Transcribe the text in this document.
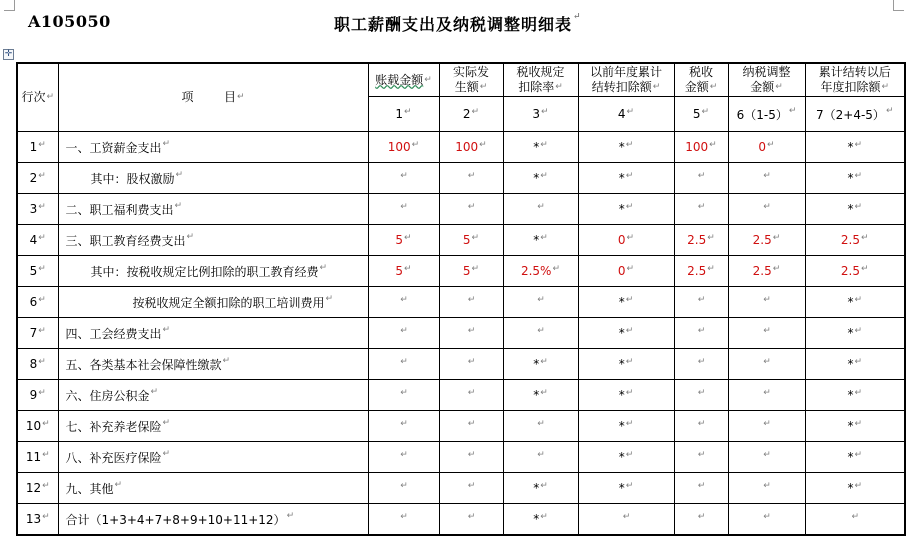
A105050	职工薪酬支出及纳税调整明细表↵
✛
行次↵	项        目↵	账载金额↵	实际发
生额↵	税收规定
扣除率↵	以前年度累计
结转扣除额↵	税收
金额↵	纳税调整
金额↵	累计结转以后
年度扣除额↵
		1↵	2↵	3↵	4↵	5↵	6（1-5）↵	7（2+4-5）↵
1↵	一、工资薪金支出↵	100↵	100↵	*↵	*↵	100↵	0↵	*↵
2↵	其中：股权激励↵	↵	↵	*↵	*↵	↵	↵	*↵
3↵	二、职工福利费支出↵	↵	↵	↵	*↵	↵	↵	*↵
4↵	三、职工教育经费支出↵	5↵	5↵	*↵	0↵	2.5↵	2.5↵	2.5↵
5↵	其中：按税收规定比例扣除的职工教育经费↵	5↵	5↵	2.5%↵	0↵	2.5↵	2.5↵	2.5↵
6↵	按税收规定全额扣除的职工培训费用↵	↵	↵	↵	*↵	↵	↵	*↵
7↵	四、工会经费支出↵	↵	↵	↵	*↵	↵	↵	*↵
8↵	五、各类基本社会保障性缴款↵	↵	↵	*↵	*↵	↵	↵	*↵
9↵	六、住房公积金↵	↵	↵	*↵	*↵	↵	↵	*↵
10↵	七、补充养老保险↵	↵	↵	↵	*↵	↵	↵	*↵
11↵	八、补充医疗保险↵	↵	↵	↵	*↵	↵	↵	*↵
12↵	九、其他↵	↵	↵	*↵	*↵	↵	↵	*↵
13↵	合计（1+3+4+7+8+9+10+11+12）↵	↵	↵	*↵	↵	↵	↵	↵
